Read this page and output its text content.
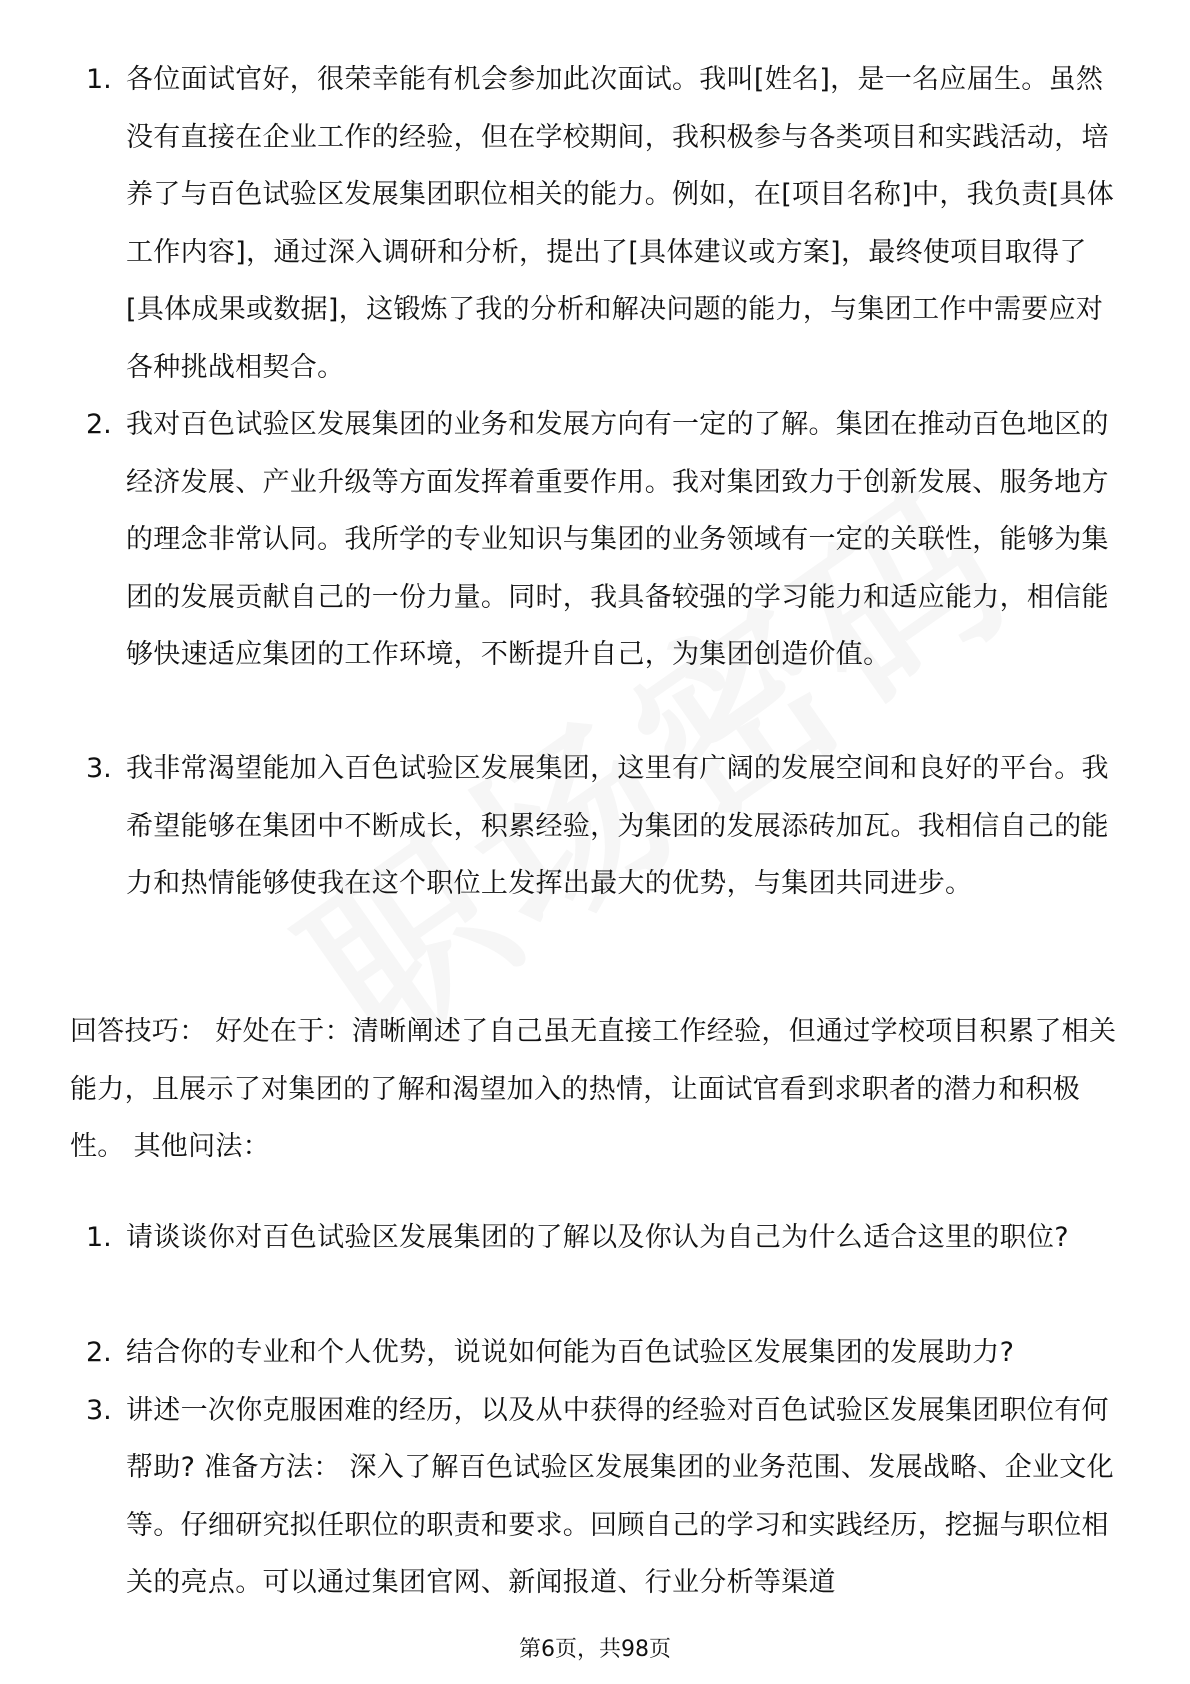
1. 各位面试官好，很荣幸能有机会参加此次面试。我叫[姓名]，是一名应届生。虽然没有直接在企业工作的经验，但在学校期间，我积极参与各类项目和实践活动，培养了与百色试验区发展集团职位相关的能力。例如，在[项目名称]中，我负责[具体工作内容]，通过深入调研和分析，提出了[具体建议或方案]，最终使项目取得了[具体成果或数据]，这锻炼了我的分析和解决问题的能力，与集团工作中需要应对各种挑战相契合。
2. 我对百色试验区发展集团的业务和发展方向有一定的了解。集团在推动百色地区的经济发展、产业升级等方面发挥着重要作用。我对集团致力于创新发展、服务地方的理念非常认同。我所学的专业知识与集团的业务领域有一定的关联性，能够为集团的发展贡献自己的一份力量。同时，我具备较强的学习能力和适应能力，相信能够快速适应集团的工作环境，不断提升自己，为集团创造价值。
3. 我非常渴望能加入百色试验区发展集团，这里有广阔的发展空间和良好的平台。我希望能够在集团中不断成长，积累经验，为集团的发展添砖加瓦。我相信自己的能力和热情能够使我在这个职位上发挥出最大的优势，与集团共同进步。
回答技巧： 好处在于：清晰阐述了自己虽无直接工作经验，但通过学校项目积累了相关能力，且展示了对集团的了解和渴望加入的热情，让面试官看到求职者的潜力和积极性。 其他问法：
1. 请谈谈你对百色试验区发展集团的了解以及你认为自己为什么适合这里的职位?
2. 结合你的专业和个人优势，说说如何能为百色试验区发展集团的发展助力?
3. 讲述一次你克服困难的经历，以及从中获得的经验对百色试验区发展集团职位有何帮助? 准备方法： 深入了解百色试验区发展集团的业务范围、发展战略、企业文化等。仔细研究拟任职位的职责和要求。回顾自己的学习和实践经历，挖掘与职位相关的亮点。可以通过集团官网、新闻报道、行业分析等渠道
第6页，共98页
